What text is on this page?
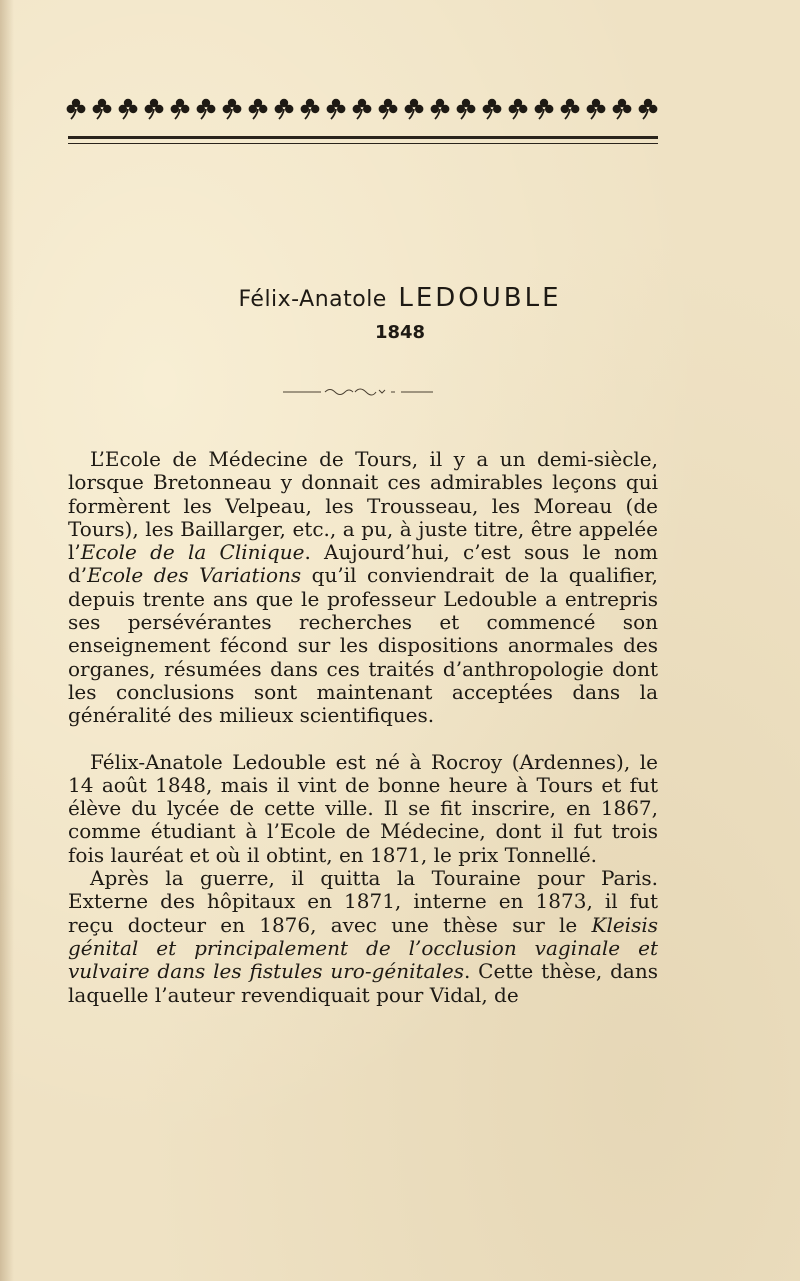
Félix-Anatole LEDOUBLE
1848

L’Ecole de Médecine de Tours, il y a un demi-siècle, lorsque Bretonneau y donnait ces admirables leçons qui formèrent les Velpeau, les Trousseau, les Moreau (de Tours), les Baillarger, etc., a pu, à juste titre, être appelée l’Ecole de la Clinique. Aujourd’hui, c’est sous le nom d’Ecole des Variations qu’il conviendrait de la qualifier, depuis trente ans que le professeur Ledouble a entrepris ses persévérantes recherches et commencé son enseignement fécond sur les dispositions anormales des organes, résumées dans ces traités d’anthropologie dont les conclusions sont maintenant acceptées dans la généralité des milieux scientifiques.

Félix-Anatole Ledouble est né à Rocroy (Ardennes), le 14 août 1848, mais il vint de bonne heure à Tours et fut élève du lycée de cette ville. Il se fit inscrire, en 1867, comme étudiant à l’Ecole de Médecine, dont il fut trois fois lauréat et où il obtint, en 1871, le prix Tonnellé.

Après la guerre, il quitta la Touraine pour Paris. Externe des hôpitaux en 1871, interne en 1873, il fut reçu docteur en 1876, avec une thèse sur le Kleisis génital et principalement de l’occlusion vaginale et vulvaire dans les fistules uro-génitales. Cette thèse, dans laquelle l’auteur revendiquait pour Vidal, de
